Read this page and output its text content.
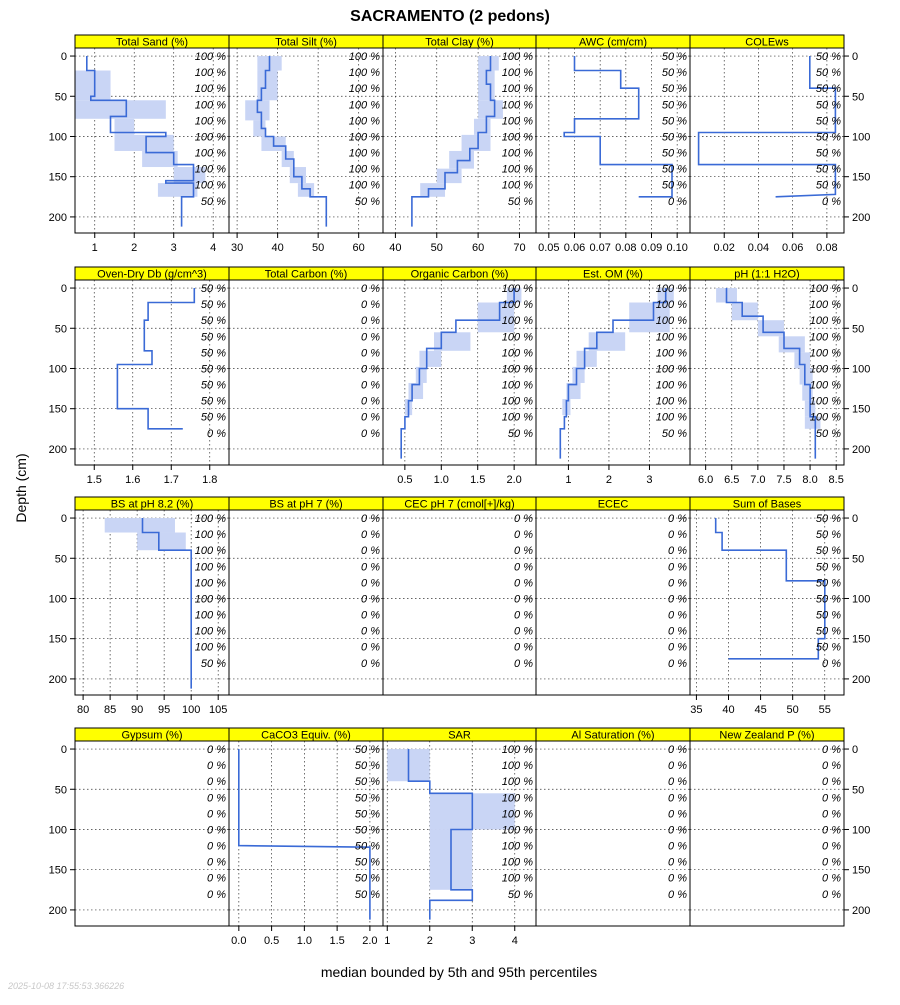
SACRAMENTO (2 pedons)
Depth (cm)
median bounded by 5th and 95th percentiles
2025-10-08 17:55:53.366226
Total Sand (%)
100 %
100 %
100 %
100 %
100 %
100 %
100 %
100 %
100 %
50 %
1	2	3	4
0
50
100
150
200
Total Silt (%)
100 %
100 %
100 %
100 %
100 %
100 %
100 %
100 %
100 %
50 %
30	40	50	60
Total Clay (%)
100 %
100 %
100 %
100 %
100 %
100 %
100 %
100 %
100 %
50 %
40	50	60	70
AWC (cm/cm)
50 %
50 %
50 %
50 %
50 %
50 %
50 %
50 %
50 %
0 %
0.05 0.06 0.07 0.08 0.09 0.10
COLEws
50 %
50 %
50 %
50 %
50 %
50 %
50 %
50 %
50 %
0 %
0.02 0.04 0.06 0.08
0
50
100
150
200
Oven-Dry Db (g/cm^3)
50 %
50 %
50 %
50 %
50 %
50 %
50 %
50 %
50 %
0 %
1.5 1.6 1.7 1.8
0
50
100
150
200
Total Carbon (%)
0 %
0 %
0 %
0 %
0 %
0 %
0 %
0 %
0 %
0 %
Organic Carbon (%)
100 %
100 %
100 %
100 %
100 %
100 %
100 %
100 %
100 %
50 %
0.5 1.0 1.5 2.0
Est. OM (%)
100 %
100 %
100 %
100 %
100 %
100 %
100 %
100 %
100 %
50 %
1	2	3
pH (1:1 H2O)
100 %
100 %
100 %
100 %
100 %
100 %
100 %
100 %
100 %
50 %
6.0 6.5 7.0 7.5 8.0 8.5
0
50
100
150
200
BS at pH 8.2 (%)
100 %
100 %
100 %
100 %
100 %
100 %
100 %
100 %
100 %
50 %
80 85 90 95 100 105
0
50
100
150
200
BS at pH 7 (%)
0 %
0 %
0 %
0 %
0 %
0 %
0 %
0 %
0 %
0 %
CEC pH 7 (cmol[+]/kg)
0 %
0 %
0 %
0 %
0 %
0 %
0 %
0 %
0 %
0 %
ECEC
0 %
0 %
0 %
0 %
0 %
0 %
0 %
0 %
0 %
0 %
Sum of Bases
50 %
50 %
50 %
50 %
50 %
50 %
50 %
50 %
50 %
0 %
35 40 45 50 55
0
50
100
150
200
Gypsum (%)
0 %
0 %
0 %
0 %
0 %
0 %
0 %
0 %
0 %
0 %
0
50
100
150
200
CaCO3 Equiv. (%)
50 %
50 %
50 %
50 %
50 %
50 %
50 %
50 %
50 %
50 %
0.0 0.5 1.0 1.5 2.0
SAR
100 %
100 %
100 %
100 %
100 %
100 %
100 %
100 %
100 %
50 %
1	2	3	4
Al Saturation (%)
0 %
0 %
0 %
0 %
0 %
0 %
0 %
0 %
0 %
0 %
New Zealand P (%)
0 %
0 %
0 %
0 %
0 %
0 %
0 %
0 %
0 %
0 %
0
50
100
150
200
